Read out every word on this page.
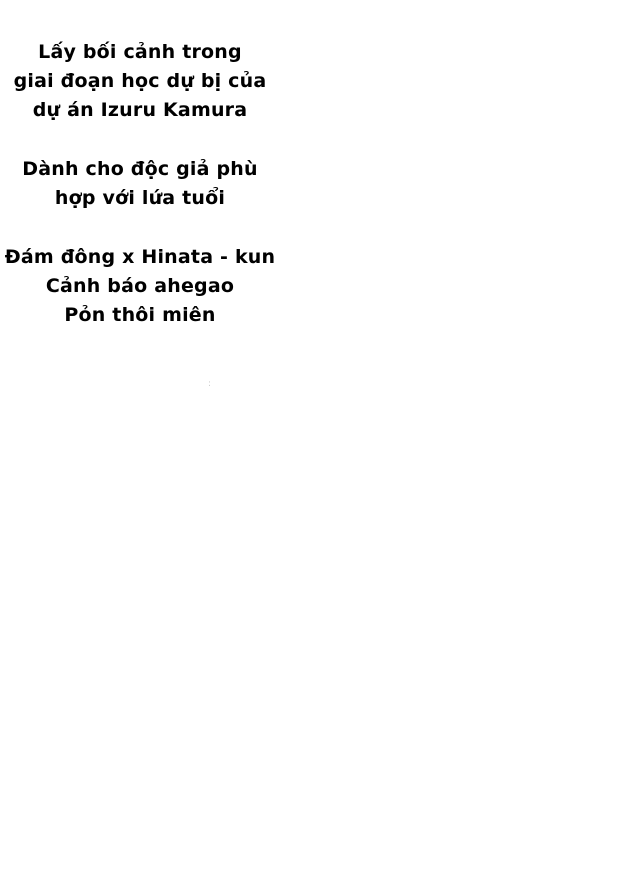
Lấy bối cảnh trong
giai đoạn học dự bị của
dự án Izuru Kamura
Dành cho độc giả phù
hợp với lứa tuổi
Đám đông x Hinata - kun
Cảnh báo ahegao
Pỏn thôi miên
:
